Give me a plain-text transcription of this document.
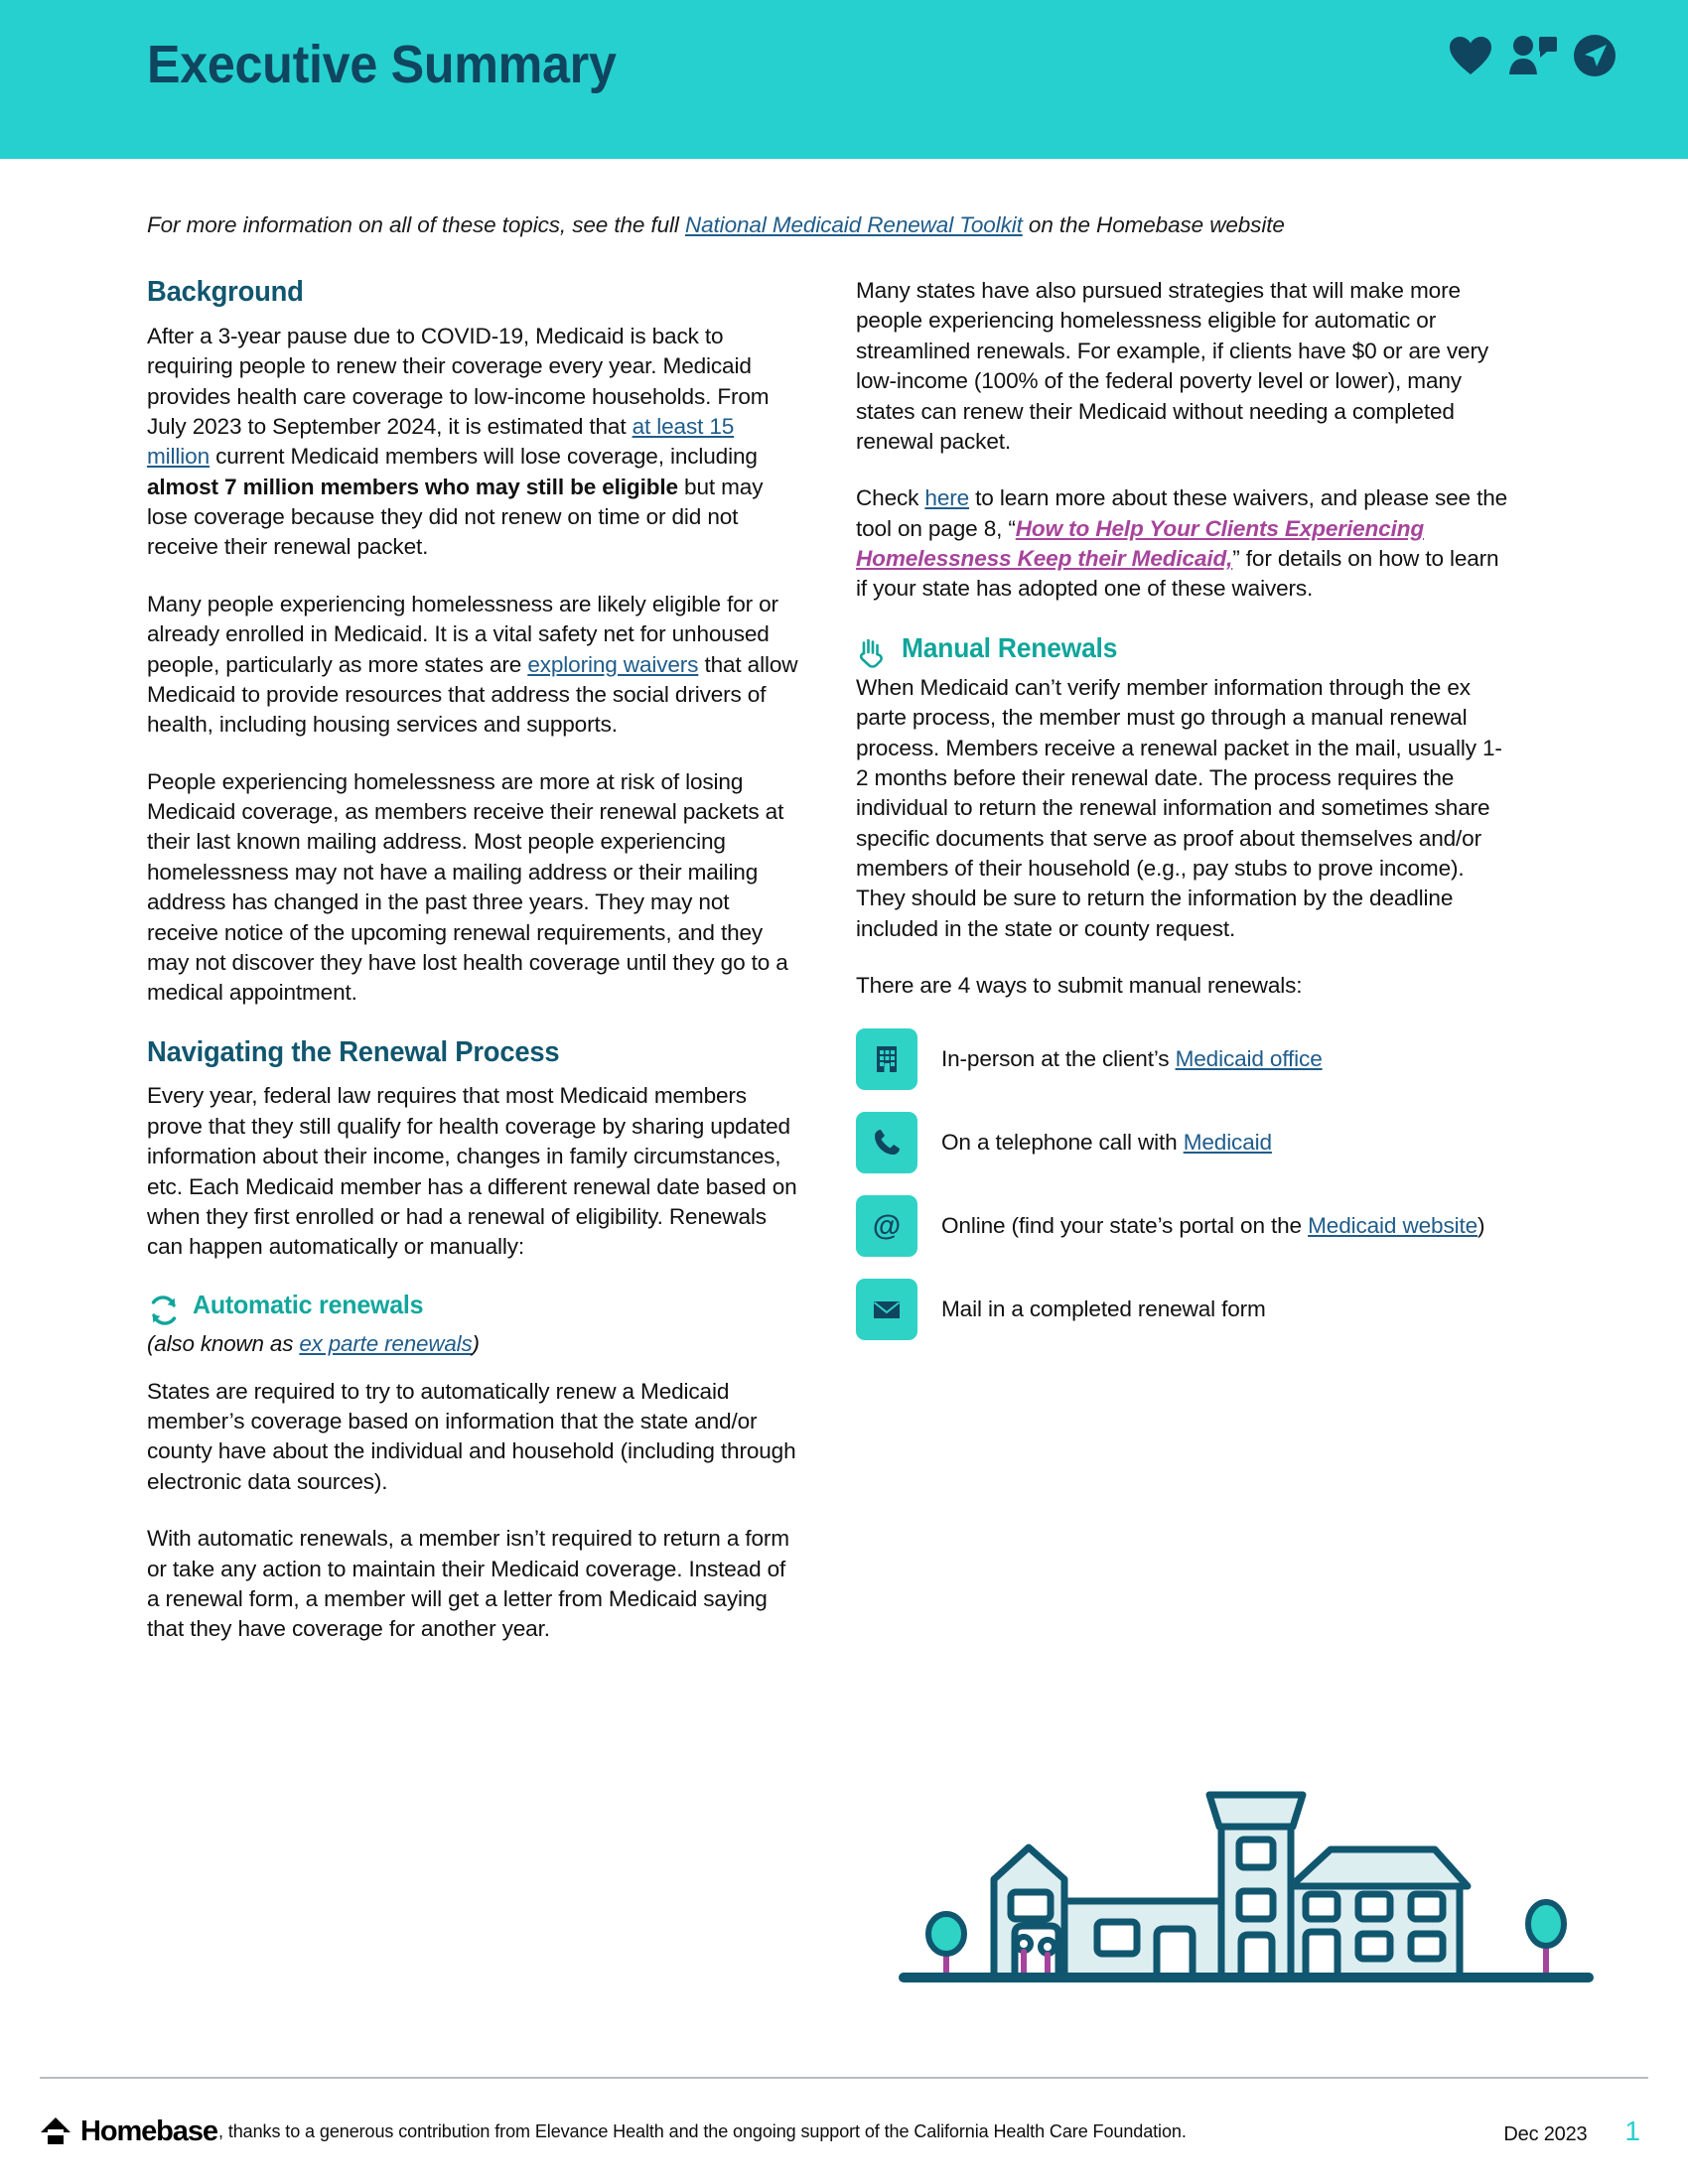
Executive Summary
For more information on all of these topics, see the full National Medicaid Renewal Toolkit on the Homebase website
Background

After a 3-year pause due to COVID-19, Medicaid is back to requiring people to renew their coverage every year. Medicaid provides health care coverage to low-income households. From July 2023 to September 2024, it is estimated that at least 15 million current Medicaid members will lose coverage, including almost 7 million members who may still be eligible but may lose coverage because they did not renew on time or did not receive their renewal packet.

Many people experiencing homelessness are likely eligible for or already enrolled in Medicaid. It is a vital safety net for unhoused people, particularly as more states are exploring waivers that allow Medicaid to provide resources that address the social drivers of health, including housing services and supports.

People experiencing homelessness are more at risk of losing Medicaid coverage, as members receive their renewal packets at their last known mailing address. Most people experiencing homelessness may not have a mailing address or their mailing address has changed in the past three years. They may not receive notice of the upcoming renewal requirements, and they may not discover they have lost health coverage until they go to a medical appointment.

Navigating the Renewal Process

Every year, federal law requires that most Medicaid members prove that they still qualify for health coverage by sharing updated information about their income, changes in family circumstances, etc. Each Medicaid member has a different renewal date based on when they first enrolled or had a renewal of eligibility. Renewals can happen automatically or manually:

Automatic renewals
(also known as ex parte renewals)

States are required to try to automatically renew a Medicaid member’s coverage based on information that the state and/or county have about the individual and household (including through electronic data sources).

With automatic renewals, a member isn’t required to return a form or take any action to maintain their Medicaid coverage. Instead of a renewal form, a member will get a letter from Medicaid saying that they have coverage for another year.

Many states have also pursued strategies that will make more people experiencing homelessness eligible for automatic or streamlined renewals. For example, if clients have $0 or are very low-income (100% of the federal poverty level or lower), many states can renew their Medicaid without needing a completed renewal packet.

Check here to learn more about these waivers, and please see the tool on page 8, “How to Help Your Clients Experiencing Homelessness Keep their Medicaid,” for details on how to learn if your state has adopted one of these waivers.

Manual Renewals

When Medicaid can’t verify member information through the ex parte process, the member must go through a manual renewal process. Members receive a renewal packet in the mail, usually 1-2 months before their renewal date. The process requires the individual to return the renewal information and sometimes share specific documents that serve as proof about themselves and/or members of their household (e.g., pay stubs to prove income). They should be sure to return the information by the deadline included in the state or county request.

There are 4 ways to submit manual renewals:

In-person at the client’s Medicaid office
On a telephone call with Medicaid
@ Online (find your state’s portal on the Medicaid website)
Mail in a completed renewal form
Homebase , thanks to a generous contribution from Elevance Health and the ongoing support of the California Health Care Foundation.	Dec 2023 1
